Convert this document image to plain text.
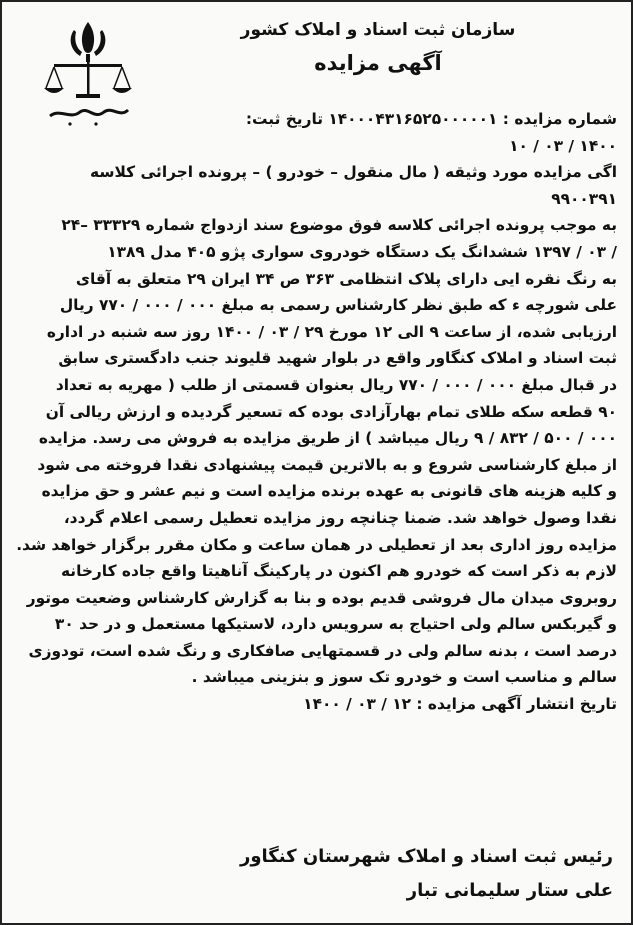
سازمان ثبت اسناد و املاک کشور
آگهی مزایده
شماره مزایده : ۱۴۰۰۰۴۳۱۶۵۲۵۰۰۰۰۰۱ تاریخ ثبت:
۱۴۰۰ / ۰۳ / ۱۰
اگی مزایده مورد وثیقه ( مال منقول – خودرو ) – پرونده اجرائی کلاسه
۹۹۰۰۳۹۱
به موجب پرونده اجرائی کلاسه فوق موضوع سند ازدواج شماره ۳۳۳۲۹ –۲۴
/ ۰۳ / ۱۳۹۷ ششدانگ یک دستگاه خودروی سواری پژو ۴۰۵ مدل ۱۳۸۹
به رنگ نقره ایی دارای پلاک انتظامی ۳۶۳ ص ۳۴ ایران ۲۹ متعلق به آقای
علی شورچه ء که طبق نظر کارشناس رسمی به مبلغ ۰۰۰ / ۰۰۰ / ۷۷۰ ریال
ارزیابی شده، از ساعت ۹ الی ۱۲ مورخ ۲۹ / ۰۳ / ۱۴۰۰ روز سه شنبه در اداره
ثبت اسناد و املاک کنگاور واقع در بلوار شهید قلیوند جنب دادگستری سابق
در قبال مبلغ ۰۰۰ / ۰۰۰ / ۷۷۰ ریال بعنوان قسمتی از طلب ( مهریه به تعداد
۹۰ قطعه سکه طلای تمام بهارآزادی بوده که تسعیر گردیده و ارزش ریالی آن
۰۰۰ / ۵۰۰ / ۸۳۲ / ۹ ریال میباشد ) از طریق مزایده به فروش می رسد. مزایده
از مبلغ کارشناسی شروع و به بالاترین قیمت پیشنهادی نقدا فروخته می شود
و کلیه هزینه های قانونی به عهده برنده مزایده است و نیم عشر و حق مزایده
نقدا وصول خواهد شد. ضمنا چنانچه روز مزایده تعطیل رسمی اعلام گردد،
مزایده روز اداری بعد از تعطیلی در همان ساعت و مکان مقرر برگزار خواهد شد.
لازم به ذکر است که خودرو هم اکنون در پارکینگ آناهیتا واقع جاده کارخانه
روبروی میدان مال فروشی قدیم بوده و بنا به گزارش کارشناس وضعیت موتور
و گیربکس سالم ولی احتیاج به سرویس دارد، لاستیکها مستعمل و در حد ۳۰
درصد است ، بدنه سالم ولی در قسمتهایی صافکاری و رنگ شده است، تودوزی
سالم و مناسب است و خودرو تک سوز و بنزینی میباشد .
تاریخ انتشار آگهی مزایده : ۱۲ / ۰۳ / ۱۴۰۰
رئیس ثبت اسناد و املاک شهرستان کنگاور
علی ستار سلیمانی تبار
